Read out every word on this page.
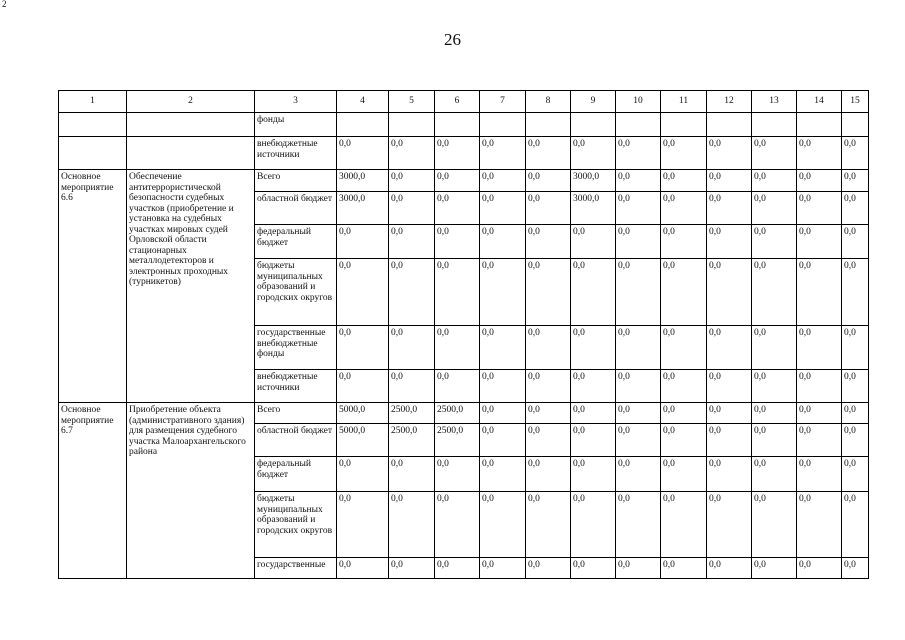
2
26
1	2	3	4	5	6	7	8	9	10	11	12	13	14	15
		фонды												
		внебюджетные источники	0,0	0,0	0,0	0,0	0,0	0,0	0,0	0,0	0,0	0,0	0,0	0,0
Основное мероприятие 6.6	Обеспечение антитеррористической безопасности судебных участков (приобретение и установка на судебных участках мировых судей Орловской области стационарных металлодетекторов и электронных проходных (турникетов)	Всего	3000,0	0,0	0,0	0,0	0,0	3000,0	0,0	0,0	0,0	0,0	0,0	0,0
		областной бюджет	3000,0	0,0	0,0	0,0	0,0	3000,0	0,0	0,0	0,0	0,0	0,0	0,0
		федеральный бюджет	0,0	0,0	0,0	0,0	0,0	0,0	0,0	0,0	0,0	0,0	0,0	0,0
		бюджеты муниципальных образований и городских округов	0,0	0,0	0,0	0,0	0,0	0,0	0,0	0,0	0,0	0,0	0,0	0,0
		государственные внебюджетные фонды	0,0	0,0	0,0	0,0	0,0	0,0	0,0	0,0	0,0	0,0	0,0	0,0
		внебюджетные источники	0,0	0,0	0,0	0,0	0,0	0,0	0,0	0,0	0,0	0,0	0,0	0,0
Основное мероприятие 6.7	Приобретение объекта (административного здания) для размещения судебного участка Малоархангельского района	Всего	5000,0	2500,0	2500,0	0,0	0,0	0,0	0,0	0,0	0,0	0,0	0,0	0,0
		областной бюджет	5000,0	2500,0	2500,0	0,0	0,0	0,0	0,0	0,0	0,0	0,0	0,0	0,0
		федеральный бюджет	0,0	0,0	0,0	0,0	0,0	0,0	0,0	0,0	0,0	0,0	0,0	0,0
		бюджеты муниципальных образований и городских округов	0,0	0,0	0,0	0,0	0,0	0,0	0,0	0,0	0,0	0,0	0,0	0,0
		государственные	0,0	0,0	0,0	0,0	0,0	0,0	0,0	0,0	0,0	0,0	0,0	0,0
